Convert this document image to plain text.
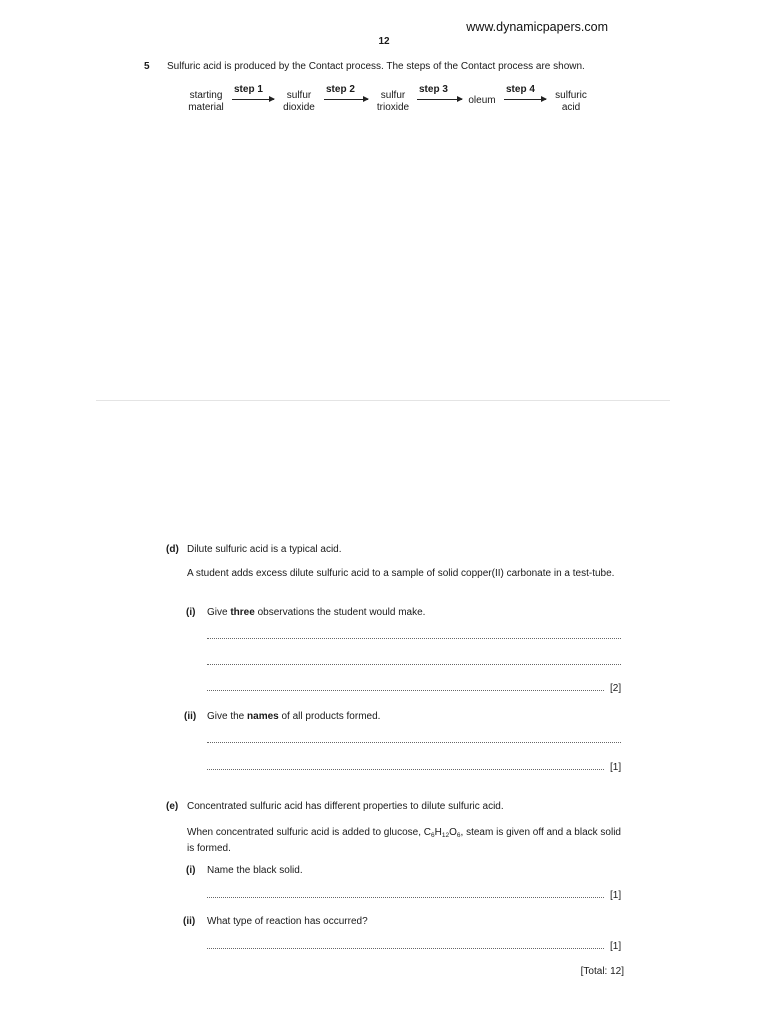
www.dynamicpapers.com
12
5 Sulfuric acid is produced by the Contact process. The steps of the Contact process are shown.
starting
material
step 1
sulfur
dioxide
step 2
sulfur
trioxide
step 3
oleum
step 4
sulfuric
acid
(d) Dilute sulfuric acid is a typical acid.
A student adds excess dilute sulfuric acid to a sample of solid copper(II) carbonate in a test-tube.
(i) Give three observations the student would make.
[2]
(ii) Give the names of all products formed.
[1]
(e) Concentrated sulfuric acid has different properties to dilute sulfuric acid.
When concentrated sulfuric acid is added to glucose, $C_6H_{12}O_6$, steam is given off and a black solid is formed.
(i) Name the black solid.
[1]
(ii) What type of reaction has occurred?
[1]
[Total: 12]
